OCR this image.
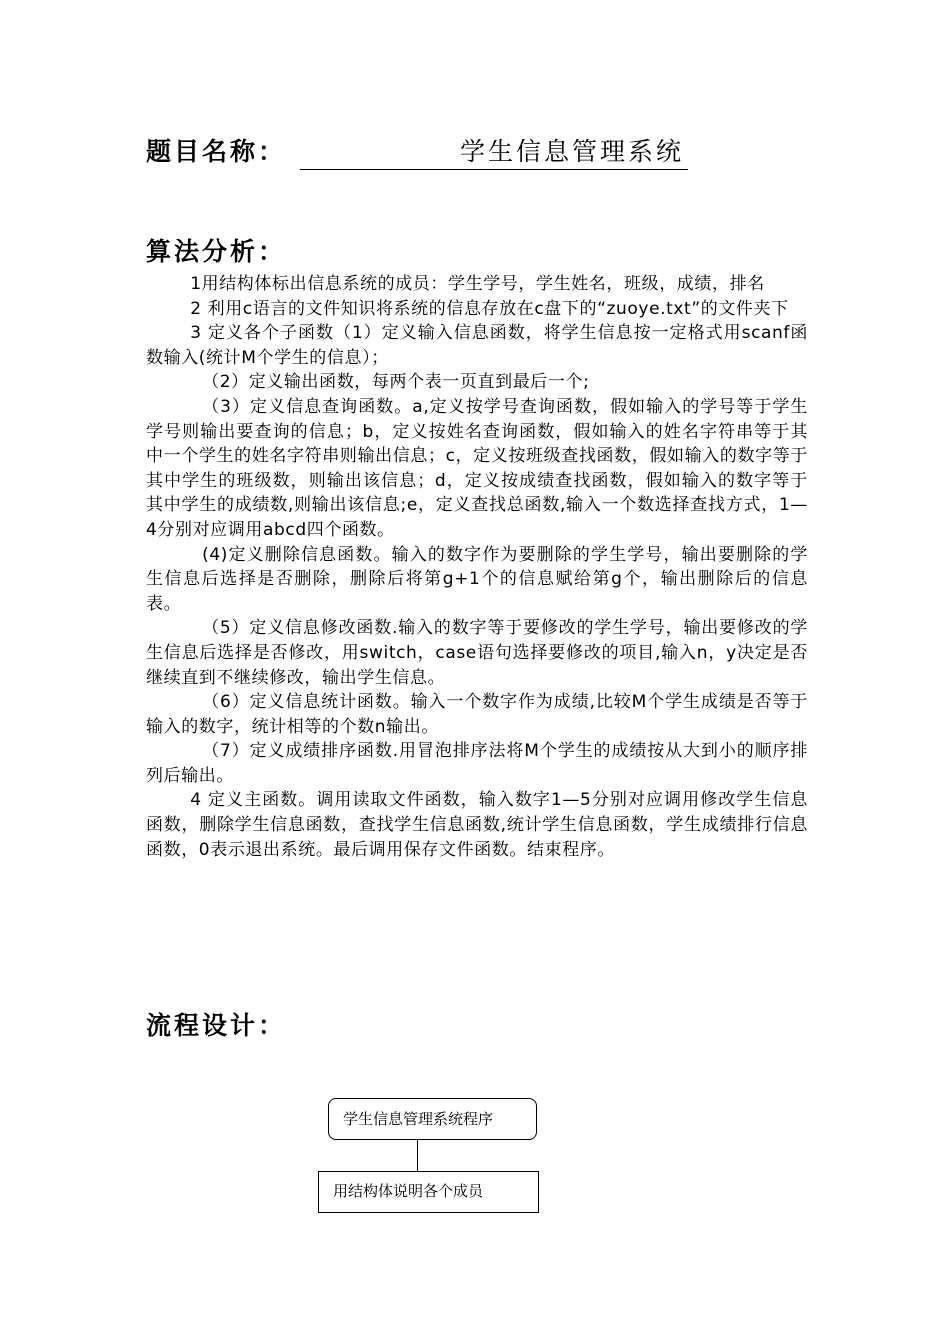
题目名称：	学生信息管理系统
算法分析：

1用结构体标出信息系统的成员：学生学号，学生姓名，班级，成绩，排名

2 利用c语言的文件知识将系统的信息存放在c盘下的“zuoye.txt”的文件夹下

3 定义各个子函数（1）定义输入信息函数，将学生信息按一定格式用scanf函数输入(统计M个学生的信息）；

（2）定义输出函数，每两个表一页直到最后一个;

（3）定义信息查询函数。a,定义按学号查询函数，假如输入的学号等于学生学号则输出要查询的信息；b，定义按姓名查询函数，假如输入的姓名字符串等于其中一个学生的姓名字符串则输出信息；c，定义按班级查找函数，假如输入的数字等于其中学生的班级数，则输出该信息；d，定义按成绩查找函数，假如输入的数字等于其中学生的成绩数,则输出该信息;e，定义查找总函数,输入一个数选择查找方式，1—4分别对应调用abcd四个函数。

(4)定义删除信息函数。输入的数字作为要删除的学生学号，输出要删除的学生信息后选择是否删除，删除后将第g+1个的信息赋给第g个，输出删除后的信息表。

（5）定义信息修改函数.输入的数字等于要修改的学生学号，输出要修改的学生信息后选择是否修改，用switch，case语句选择要修改的项目,输入n，y决定是否继续直到不继续修改，输出学生信息。

（6）定义信息统计函数。输入一个数字作为成绩,比较M个学生成绩是否等于输入的数字，统计相等的个数n输出。

（7）定义成绩排序函数.用冒泡排序法将M个学生的成绩按从大到小的顺序排列后输出。

4 定义主函数。调用读取文件函数，输入数字1—5分别对应调用修改学生信息函数，删除学生信息函数，查找学生信息函数,统计学生信息函数，学生成绩排行信息函数，0表示退出系统。最后调用保存文件函数。结束程序。

流程设计：
学生信息管理系统程序
用结构体说明各个成员
